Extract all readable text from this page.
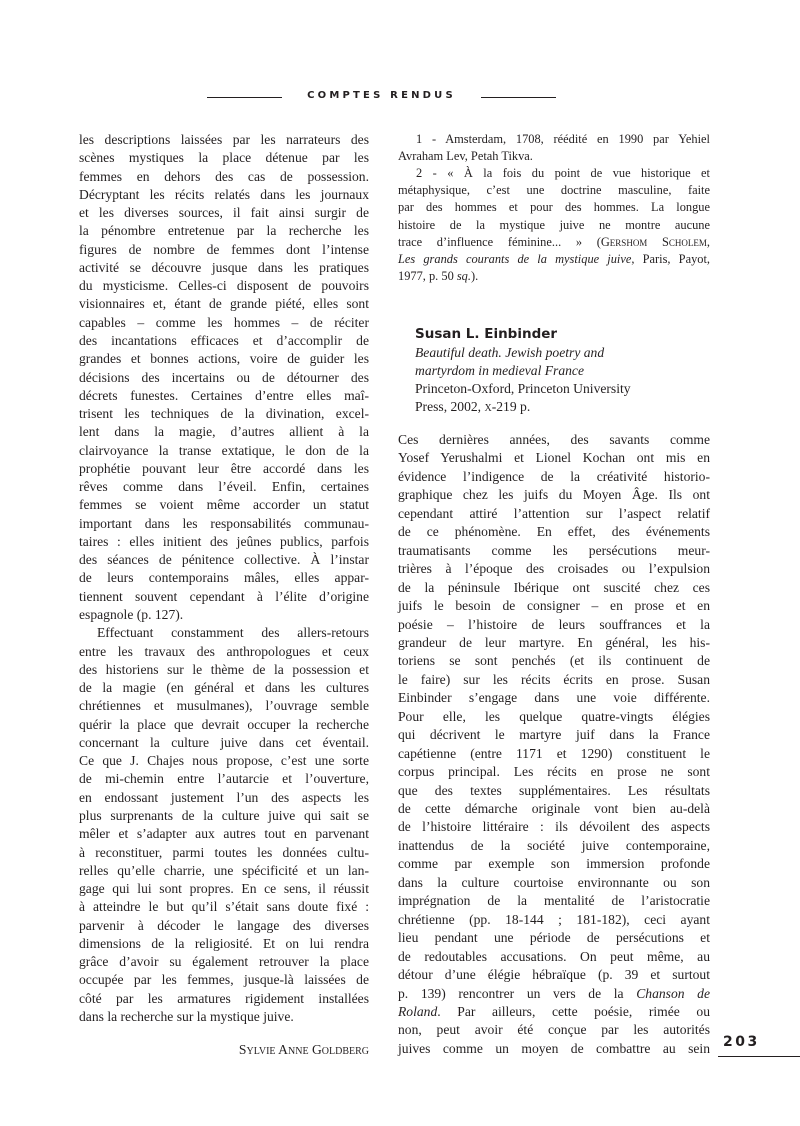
COMPTES RENDUS
les descriptions laissées par les narrateurs des
scènes mystiques la place détenue par les
femmes en dehors des cas de possession.
Décryptant les récits relatés dans les journaux
et les diverses sources, il fait ainsi surgir de
la pénombre entretenue par la recherche les
figures de nombre de femmes dont l’intense
activité se découvre jusque dans les pratiques
du mysticisme. Celles-ci disposent de pouvoirs
visionnaires et, étant de grande piété, elles sont
capables – comme les hommes – de réciter
des incantations efficaces et d’accomplir de
grandes et bonnes actions, voire de guider les
décisions des incertains ou de détourner des
décrets funestes. Certaines d’entre elles maî-
trisent les techniques de la divination, excel-
lent dans la magie, d’autres allient à la
clairvoyance la transe extatique, le don de la
prophétie pouvant leur être accordé dans les
rêves comme dans l’éveil. Enfin, certaines
femmes se voient même accorder un statut
important dans les responsabilités communau-
taires : elles initient des jeûnes publics, parfois
des séances de pénitence collective. À l’instar
de leurs contemporains mâles, elles appar-
tiennent souvent cependant à l’élite d’origine
espagnole (p. 127).
Effectuant constamment des allers-retours
entre les travaux des anthropologues et ceux
des historiens sur le thème de la possession et
de la magie (en général et dans les cultures
chrétiennes et musulmanes), l’ouvrage semble
quérir la place que devrait occuper la recherche
concernant la culture juive dans cet éventail.
Ce que J. Chajes nous propose, c’est une sorte
de mi-chemin entre l’autarcie et l’ouverture,
en endossant justement l’un des aspects les
plus surprenants de la culture juive qui sait se
mêler et s’adapter aux autres tout en parvenant
à reconstituer, parmi toutes les données cultu-
relles qu’elle charrie, une spécificité et un lan-
gage qui lui sont propres. En ce sens, il réussit
à atteindre le but qu’il s’était sans doute fixé :
parvenir à décoder le langage des diverses
dimensions de la religiosité. Et on lui rendra
grâce d’avoir su également retrouver la place
occupée par les femmes, jusque-là laissées de
côté par les armatures rigidement installées
dans la recherche sur la mystique juive.
Sylvie Anne Goldberg
1 - Amsterdam, 1708, réédité en 1990 par Yehiel
Avraham Lev, Petah Tikva.
2 - « À la fois du point de vue historique et
métaphysique, c’est une doctrine masculine, faite
par des hommes et pour des hommes. La longue
histoire de la mystique juive ne montre aucune
trace d’influence féminine... » (Gershom Scholem,
Les grands courants de la mystique juive, Paris, Payot,
1977, p. 50 sq.).
Susan L. Einbinder
Beautiful death. Jewish poetry and
martyrdom in medieval France
Princeton-Oxford, Princeton University
Press, 2002, x-219 p.
Ces dernières années, des savants comme
Yosef Yerushalmi et Lionel Kochan ont mis en
évidence l’indigence de la créativité historio-
graphique chez les juifs du Moyen Âge. Ils ont
cependant attiré l’attention sur l’aspect relatif
de ce phénomène. En effet, des événements
traumatisants comme les persécutions meur-
trières à l’époque des croisades ou l’expulsion
de la péninsule Ibérique ont suscité chez ces
juifs le besoin de consigner – en prose et en
poésie – l’histoire de leurs souffrances et la
grandeur de leur martyre. En général, les his-
toriens se sont penchés (et ils continuent de
le faire) sur les récits écrits en prose. Susan
Einbinder s’engage dans une voie différente.
Pour elle, les quelque quatre-vingts élégies
qui décrivent le martyre juif dans la France
capétienne (entre 1171 et 1290) constituent le
corpus principal. Les récits en prose ne sont
que des textes supplémentaires. Les résultats
de cette démarche originale vont bien au-delà
de l’histoire littéraire : ils dévoilent des aspects
inattendus de la société juive contemporaine,
comme par exemple son immersion profonde
dans la culture courtoise environnante ou son
imprégnation de la mentalité de l’aristocratie
chrétienne (pp. 18-144 ; 181-182), ceci ayant
lieu pendant une période de persécutions et
de redoutables accusations. On peut même, au
détour d’une élégie hébraïque (p. 39 et surtout
p. 139) rencontrer un vers de la Chanson de
Roland. Par ailleurs, cette poésie, rimée ou
non, peut avoir été conçue par les autorités
juives comme un moyen de combattre au sein 203
